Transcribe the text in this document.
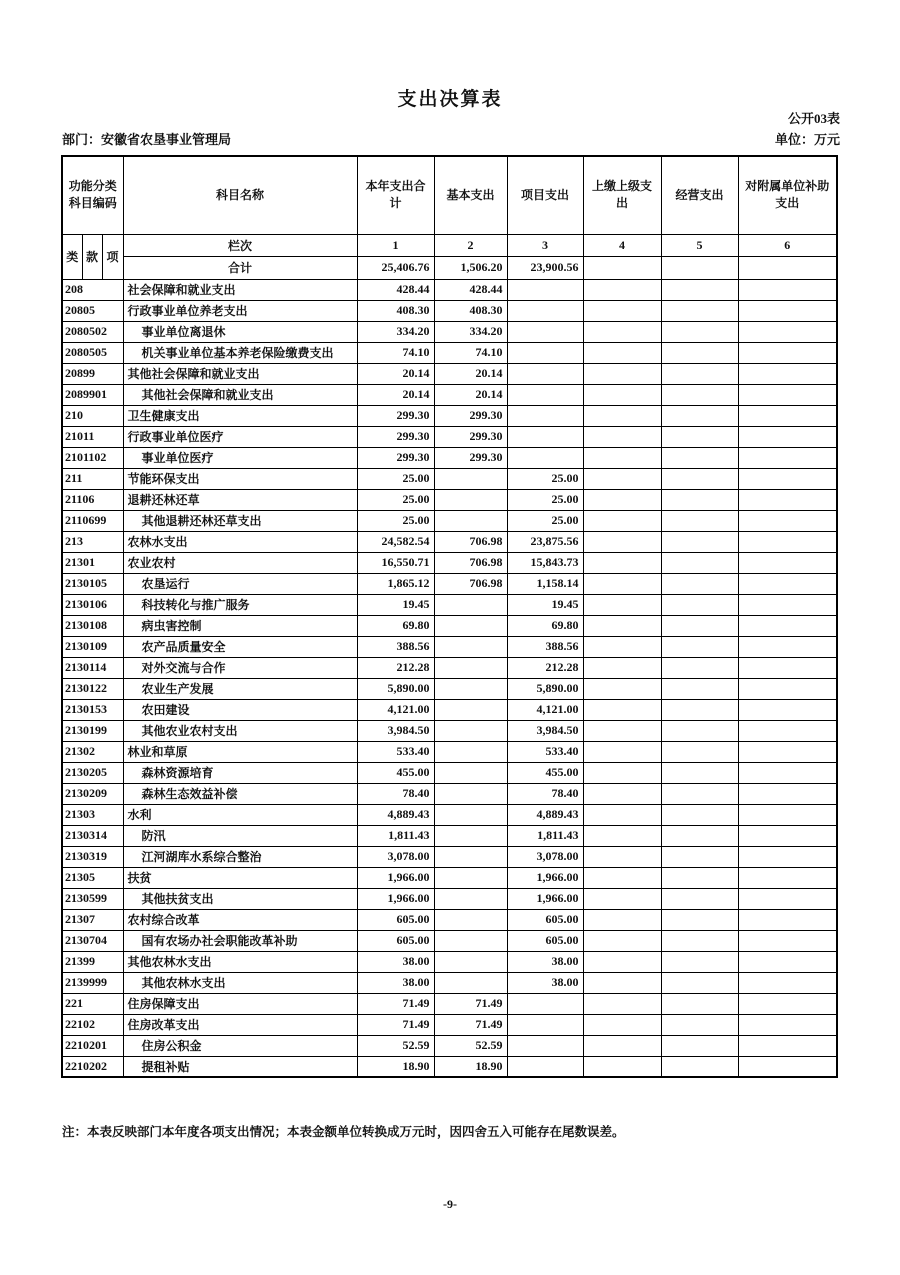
支出决算表
公开03表
部门：安徽省农垦事业管理局	单位：万元
功能分类 科目编码			科目名称	本年支出合计	基本支出	项目支出	上缴上级支出	经营支出	对附属单位补助支出
类	款	项	栏次	1	2	3	4	5	6
			合计	25,406.76	1,506.20	23,900.56			
208			社会保障和就业支出	428.44	428.44				
20805			行政事业单位养老支出	408.30	408.30				
2080502			事业单位离退休	334.20	334.20				
2080505			机关事业单位基本养老保险缴费支出	74.10	74.10				
20899			其他社会保障和就业支出	20.14	20.14				
2089901			其他社会保障和就业支出	20.14	20.14				
210			卫生健康支出	299.30	299.30				
21011			行政事业单位医疗	299.30	299.30				
2101102			事业单位医疗	299.30	299.30				
211			节能环保支出	25.00		25.00			
21106			退耕还林还草	25.00		25.00			
2110699			其他退耕还林还草支出	25.00		25.00			
213			农林水支出	24,582.54	706.98	23,875.56			
21301			农业农村	16,550.71	706.98	15,843.73			
2130105			农垦运行	1,865.12	706.98	1,158.14			
2130106			科技转化与推广服务	19.45		19.45			
2130108			病虫害控制	69.80		69.80			
2130109			农产品质量安全	388.56		388.56			
2130114			对外交流与合作	212.28		212.28			
2130122			农业生产发展	5,890.00		5,890.00			
2130153			农田建设	4,121.00		4,121.00			
2130199			其他农业农村支出	3,984.50		3,984.50			
21302			林业和草原	533.40		533.40			
2130205			森林资源培育	455.00		455.00			
2130209			森林生态效益补偿	78.40		78.40			
21303			水利	4,889.43		4,889.43			
2130314			防汛	1,811.43		1,811.43			
2130319			江河湖库水系综合整治	3,078.00		3,078.00			
21305			扶贫	1,966.00		1,966.00			
2130599			其他扶贫支出	1,966.00		1,966.00			
21307			农村综合改革	605.00		605.00			
2130704			国有农场办社会职能改革补助	605.00		605.00			
21399			其他农林水支出	38.00		38.00			
2139999			其他农林水支出	38.00		38.00			
221			住房保障支出	71.49	71.49				
22102			住房改革支出	71.49	71.49				
2210201			住房公积金	52.59	52.59				
2210202			提租补贴	18.90	18.90				
注：本表反映部门本年度各项支出情况；本表金额单位转换成万元时，因四舍五入可能存在尾数误差。
-9-
